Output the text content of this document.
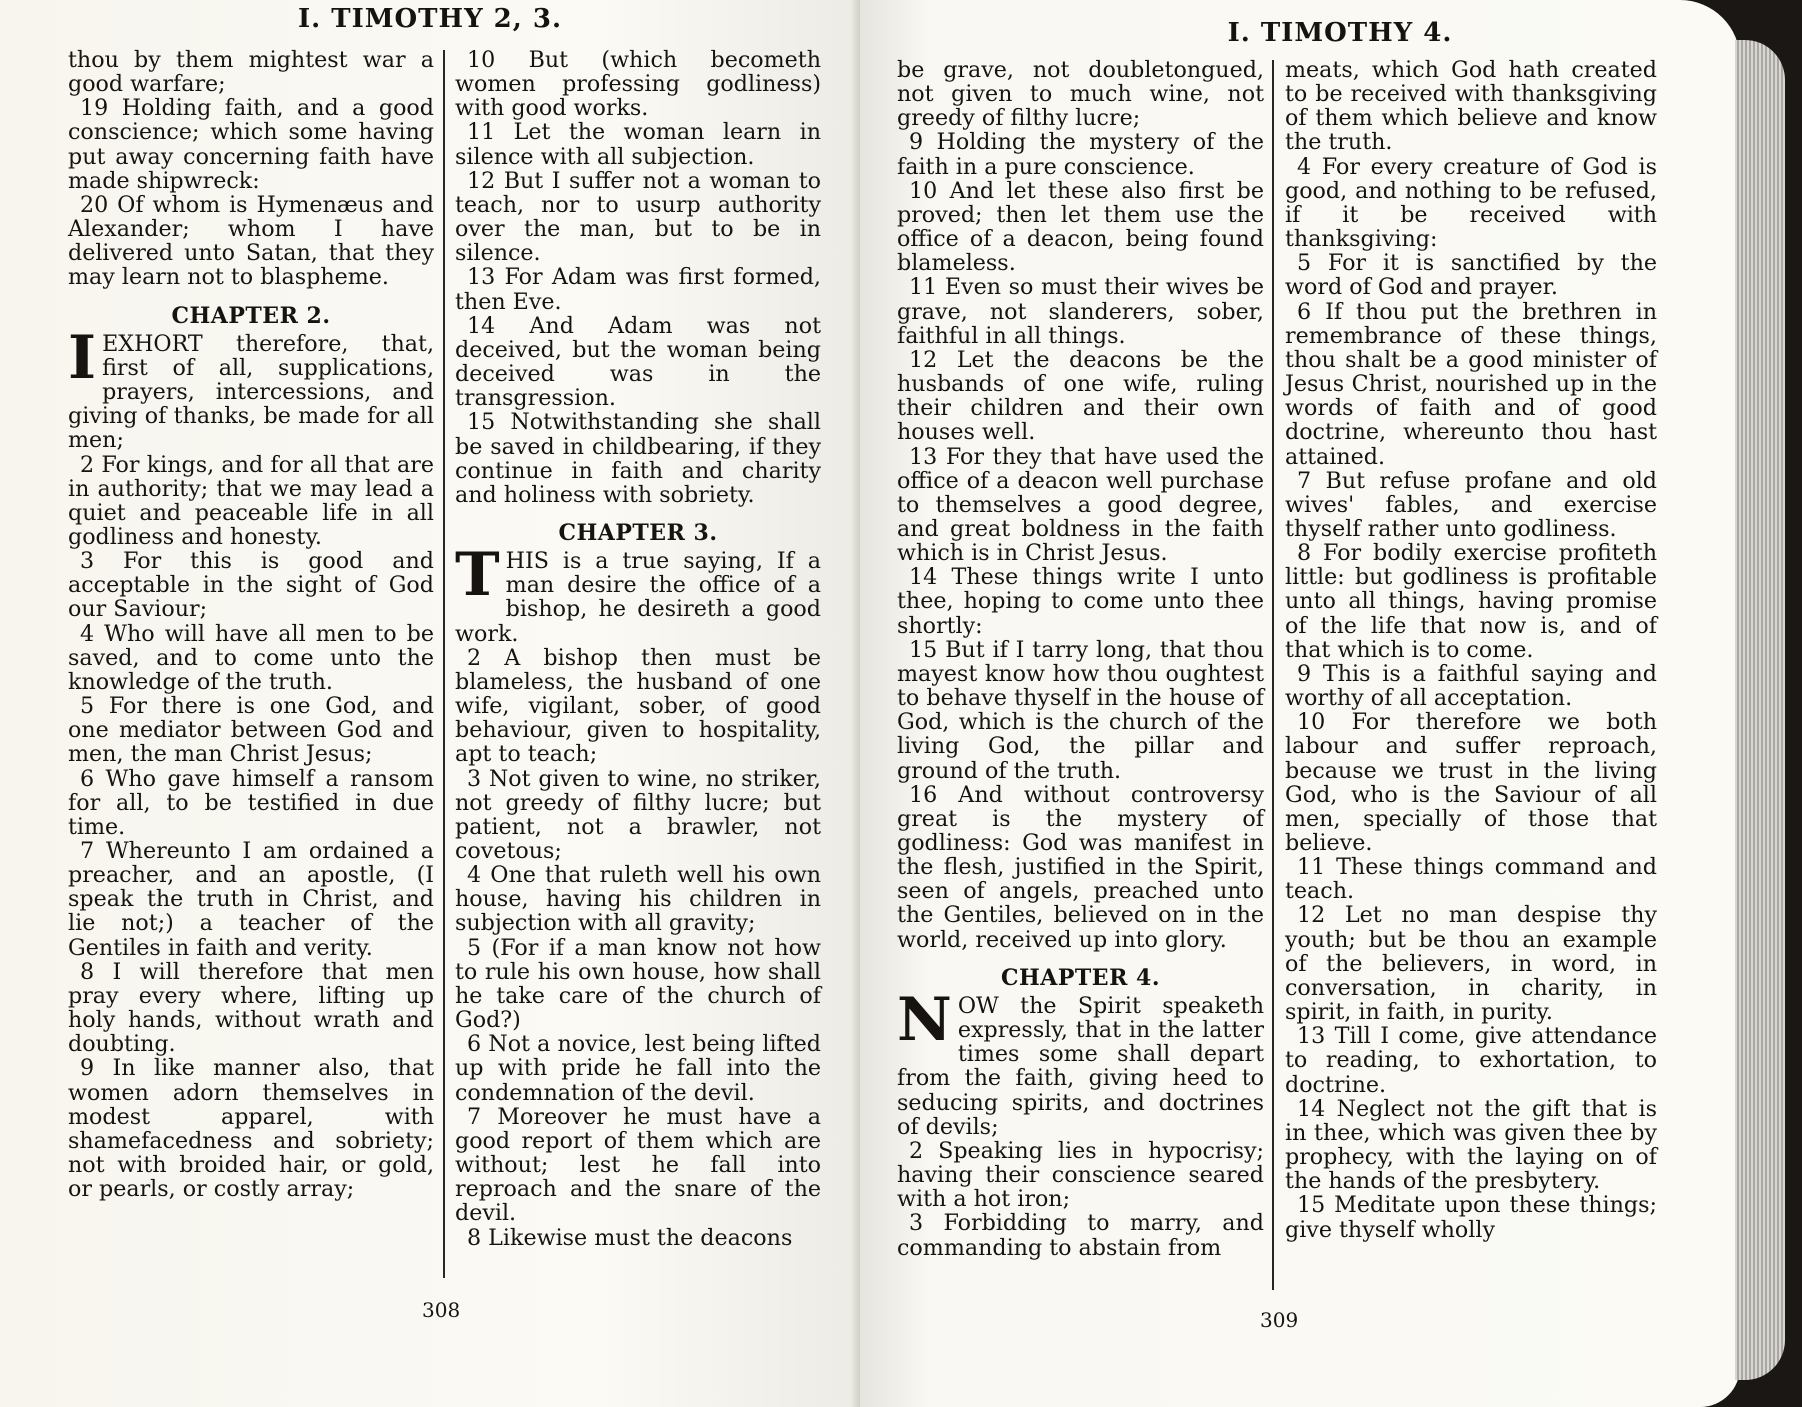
I. TIMOTHY 2, 3.

thou by them mightest war a good warfare;

19 Holding faith, and a good conscience; which some having put away concerning faith have made shipwreck:

20 Of whom is Hymenæus and Alexander; whom I have delivered unto Satan, that they may learn not to blaspheme.

CHAPTER 2.

IEXHORT therefore, that, first of all, supplications, prayers, intercessions, and giving of thanks, be made for all men;

2 For kings, and for all that are in authority; that we may lead a quiet and peaceable life in all godliness and honesty.

3 For this is good and acceptable in the sight of God our Saviour;

4 Who will have all men to be saved, and to come unto the knowledge of the truth.

5 For there is one God, and one mediator between God and men, the man Christ Jesus;

6 Who gave himself a ransom for all, to be testified in due time.

7 Whereunto I am ordained a preacher, and an apostle, (I speak the truth in Christ, and lie not;) a teacher of the Gentiles in faith and verity.

8 I will therefore that men pray every where, lifting up holy hands, without wrath and doubting.

9 In like manner also, that women adorn themselves in modest apparel, with shamefacedness and sobriety; not with broided hair, or gold, or pearls, or costly array;

10 But (which becometh women professing godliness) with good works.

11 Let the woman learn in silence with all subjection.

12 But I suffer not a woman to teach, nor to usurp authority over the man, but to be in silence.

13 For Adam was first formed, then Eve.

14 And Adam was not deceived, but the woman being deceived was in the transgression.

15 Notwithstanding she shall be saved in childbearing, if they continue in faith and charity and holiness with sobriety.

CHAPTER 3.

THIS is a true saying, If a man desire the office of a bishop, he desireth a good work.

2 A bishop then must be blameless, the husband of one wife, vigilant, sober, of good behaviour, given to hospitality, apt to teach;

3 Not given to wine, no striker, not greedy of filthy lucre; but patient, not a brawler, not covetous;

4 One that ruleth well his own house, having his children in subjection with all gravity;

5 (For if a man know not how to rule his own house, how shall he take care of the church of God?)

6 Not a novice, lest being lifted up with pride he fall into the condemnation of the devil.

7 Moreover he must have a good report of them which are without; lest he fall into reproach and the snare of the devil.

8 Likewise must the deacons

308
I. TIMOTHY 4.

be grave, not doubletongued, not given to much wine, not greedy of filthy lucre;

9 Holding the mystery of the faith in a pure conscience.

10 And let these also first be proved; then let them use the office of a deacon, being found blameless.

11 Even so must their wives be grave, not slanderers, sober, faithful in all things.

12 Let the deacons be the husbands of one wife, ruling their children and their own houses well.

13 For they that have used the office of a deacon well purchase to themselves a good degree, and great boldness in the faith which is in Christ Jesus.

14 These things write I unto thee, hoping to come unto thee shortly:

15 But if I tarry long, that thou mayest know how thou oughtest to behave thyself in the house of God, which is the church of the living God, the pillar and ground of the truth.

16 And without controversy great is the mystery of godliness: God was manifest in the flesh, justified in the Spirit, seen of angels, preached unto the Gentiles, believed on in the world, received up into glory.

CHAPTER 4.

NOW the Spirit speaketh expressly, that in the latter times some shall depart from the faith, giving heed to seducing spirits, and doctrines of devils;

2 Speaking lies in hypocrisy; having their conscience seared with a hot iron;

3 Forbidding to marry, and commanding to abstain from

meats, which God hath created to be received with thanksgiving of them which believe and know the truth.

4 For every creature of God is good, and nothing to be refused, if it be received with thanksgiving:

5 For it is sanctified by the word of God and prayer.

6 If thou put the brethren in remembrance of these things, thou shalt be a good minister of Jesus Christ, nourished up in the words of faith and of good doctrine, whereunto thou hast attained.

7 But refuse profane and old wives' fables, and exercise thyself rather unto godliness.

8 For bodily exercise profiteth little: but godliness is profitable unto all things, having promise of the life that now is, and of that which is to come.

9 This is a faithful saying and worthy of all acceptation.

10 For therefore we both labour and suffer reproach, because we trust in the living God, who is the Saviour of all men, specially of those that believe.

11 These things command and teach.

12 Let no man despise thy youth; but be thou an example of the believers, in word, in conversation, in charity, in spirit, in faith, in purity.

13 Till I come, give attendance to reading, to exhortation, to doctrine.

14 Neglect not the gift that is in thee, which was given thee by prophecy, with the laying on of the hands of the presbytery.

15 Meditate upon these things; give thyself wholly

309
